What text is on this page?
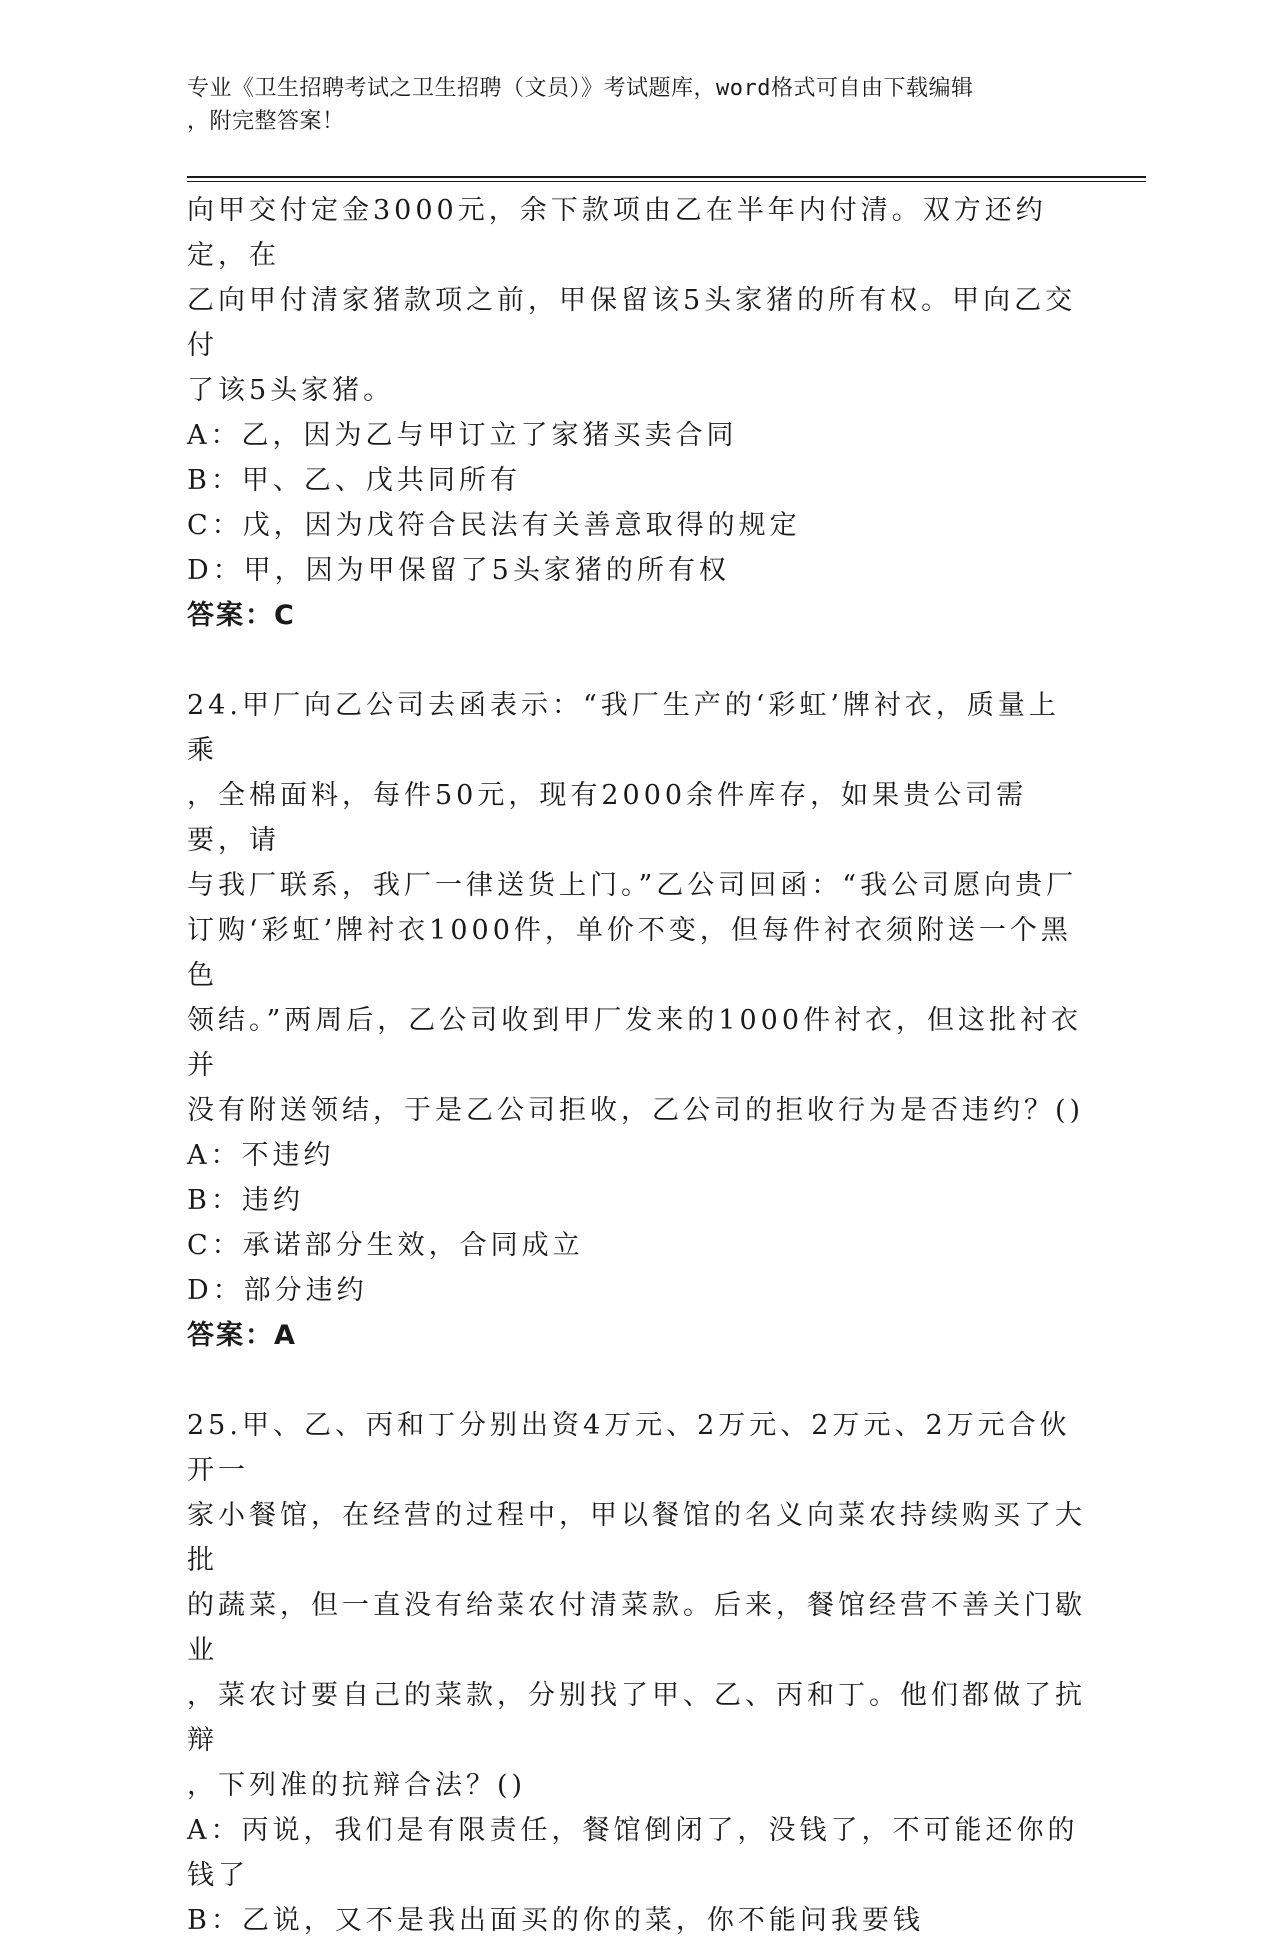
专业《卫生招聘考试之卫生招聘（文员）》考试题库，word格式可自由下载编辑

，附完整答案！

向甲交付定金3000元，余下款项由乙在半年内付清。双方还约定，在

乙向甲付清家猪款项之前，甲保留该5头家猪的所有权。甲向乙交付

了该5头家猪。

A：乙，因为乙与甲订立了家猪买卖合同

B：甲、乙、戊共同所有

C：戊，因为戊符合民法有关善意取得的规定

D：甲，因为甲保留了5头家猪的所有权

答案：C

24.甲厂向乙公司去函表示：“我厂生产的‘彩虹’牌衬衣，质量上乘

，全棉面料，每件50元，现有2000余件库存，如果贵公司需要，请

与我厂联系，我厂一律送货上门。”乙公司回函：“我公司愿向贵厂

订购‘彩虹’牌衬衣1000件，单价不变，但每件衬衣须附送一个黑色

领结。”两周后，乙公司收到甲厂发来的1000件衬衣，但这批衬衣并

没有附送领结，于是乙公司拒收，乙公司的拒收行为是否违约？()

A：不违约

B：违约

C：承诺部分生效，合同成立

D：部分违约

答案：A

25.甲、乙、丙和丁分别出资4万元、2万元、2万元、2万元合伙开一

家小餐馆，在经营的过程中，甲以餐馆的名义向菜农持续购买了大批

的蔬菜，但一直没有给菜农付清菜款。后来，餐馆经营不善关门歇业

，菜农讨要自己的菜款，分别找了甲、乙、丙和丁。他们都做了抗辩

，下列准的抗辩合法？()

A：丙说，我们是有限责任，餐馆倒闭了，没钱了，不可能还你的钱了

B：乙说，又不是我出面买的你的菜，你不能问我要钱
